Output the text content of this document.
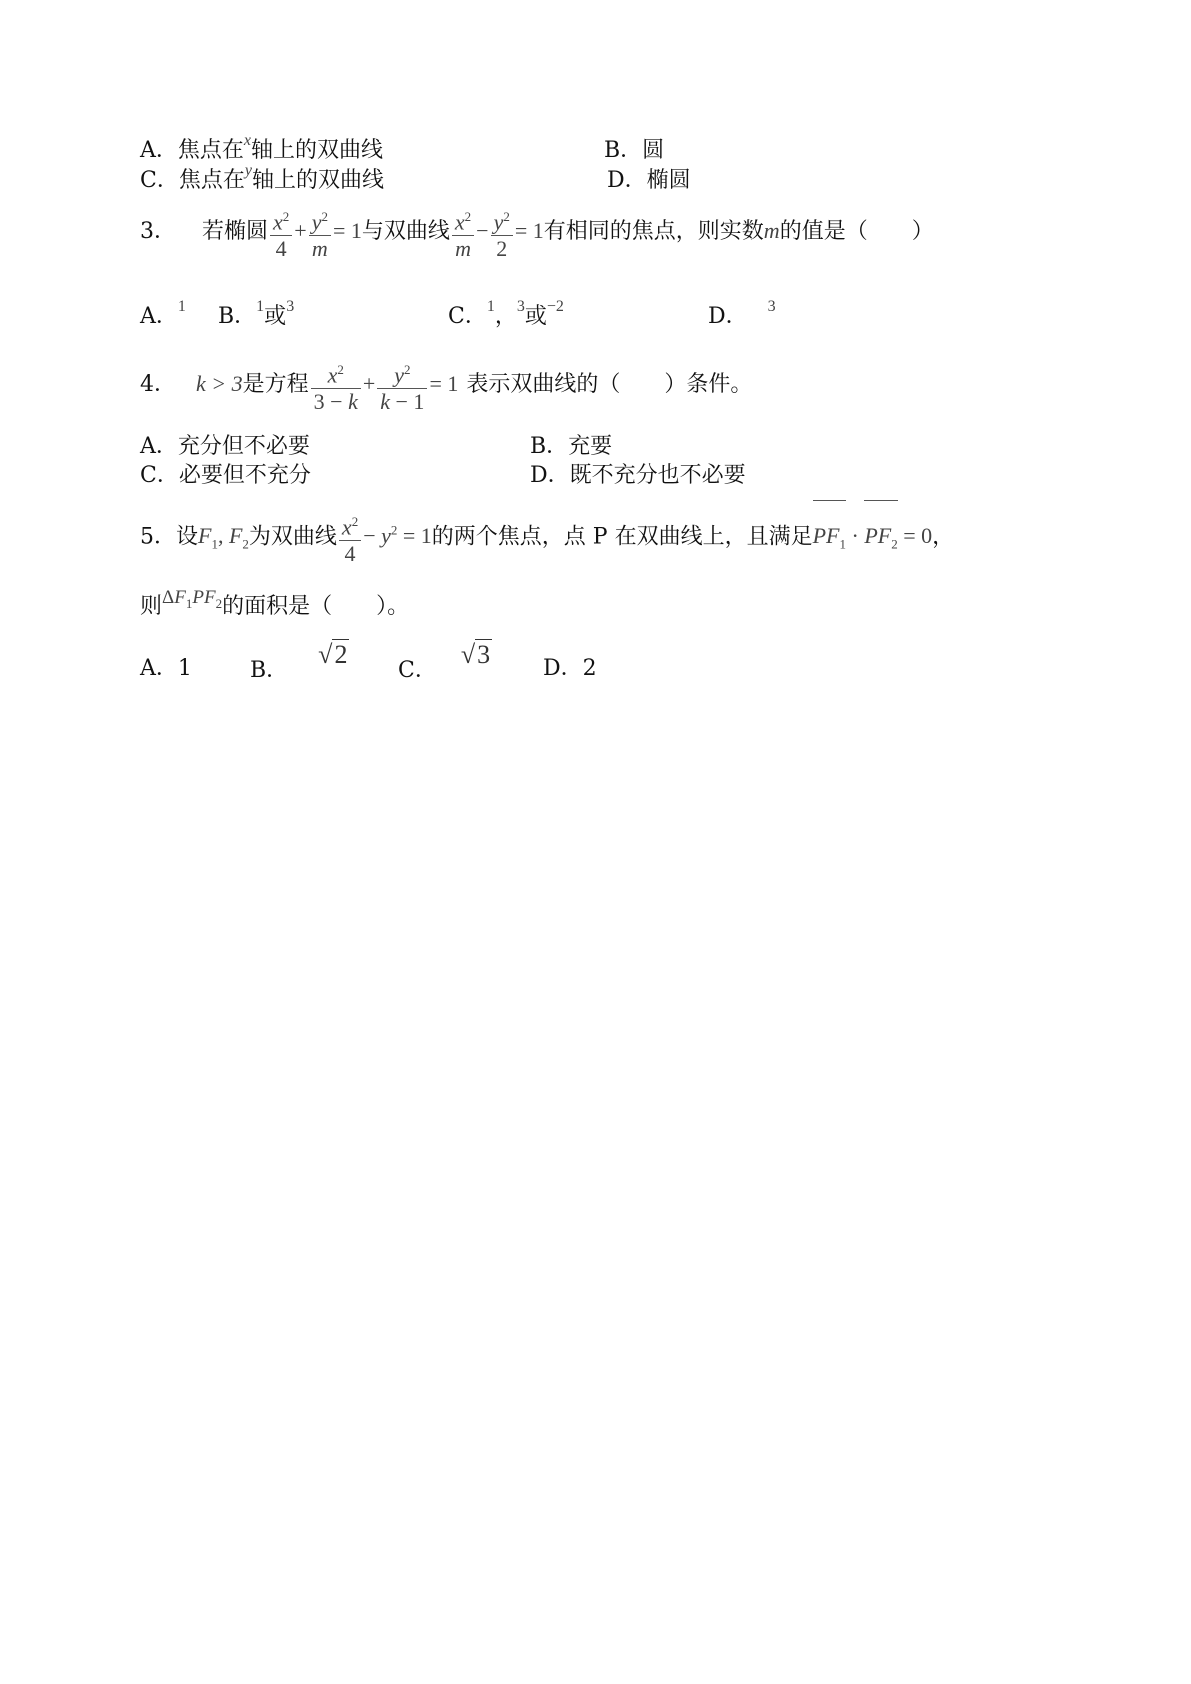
A．焦点在$^x$轴上的双曲线	B．圆
C．焦点在$^y$轴上的双曲线	D．椭圆
3． 若椭圆 $\frac{x^2}{4} + \frac{y^2}{m} = 1$与双曲线 $\frac{x^2}{m} - \frac{y^2}{2} = 1$有相同的焦点，则实数m的值是（　　）
A．$^1$ B．$^1$或$^3$	C．$^1$，$^3$或$^{-2}$	D． $^3$
4． k > 3是方程 $\frac{x^2}{3 - k} + \frac{y^2}{k - 1} = 1$ 表示双曲线的（　　）条件。
A．充分但不必要	B．充要
C．必要但不充分	D．既不充分也不必要
5．设$F_1$, $F_2$为双曲线 $\frac{x^2}{4} - y^2 = 1$的两个焦点，点 P 在双曲线上，且满足$PF_1 \cdot PF_2 = 0$，
则$\Delta F_1PF_2$的面积是（　　）。
A．1	B．√2
C．√3 D．2
